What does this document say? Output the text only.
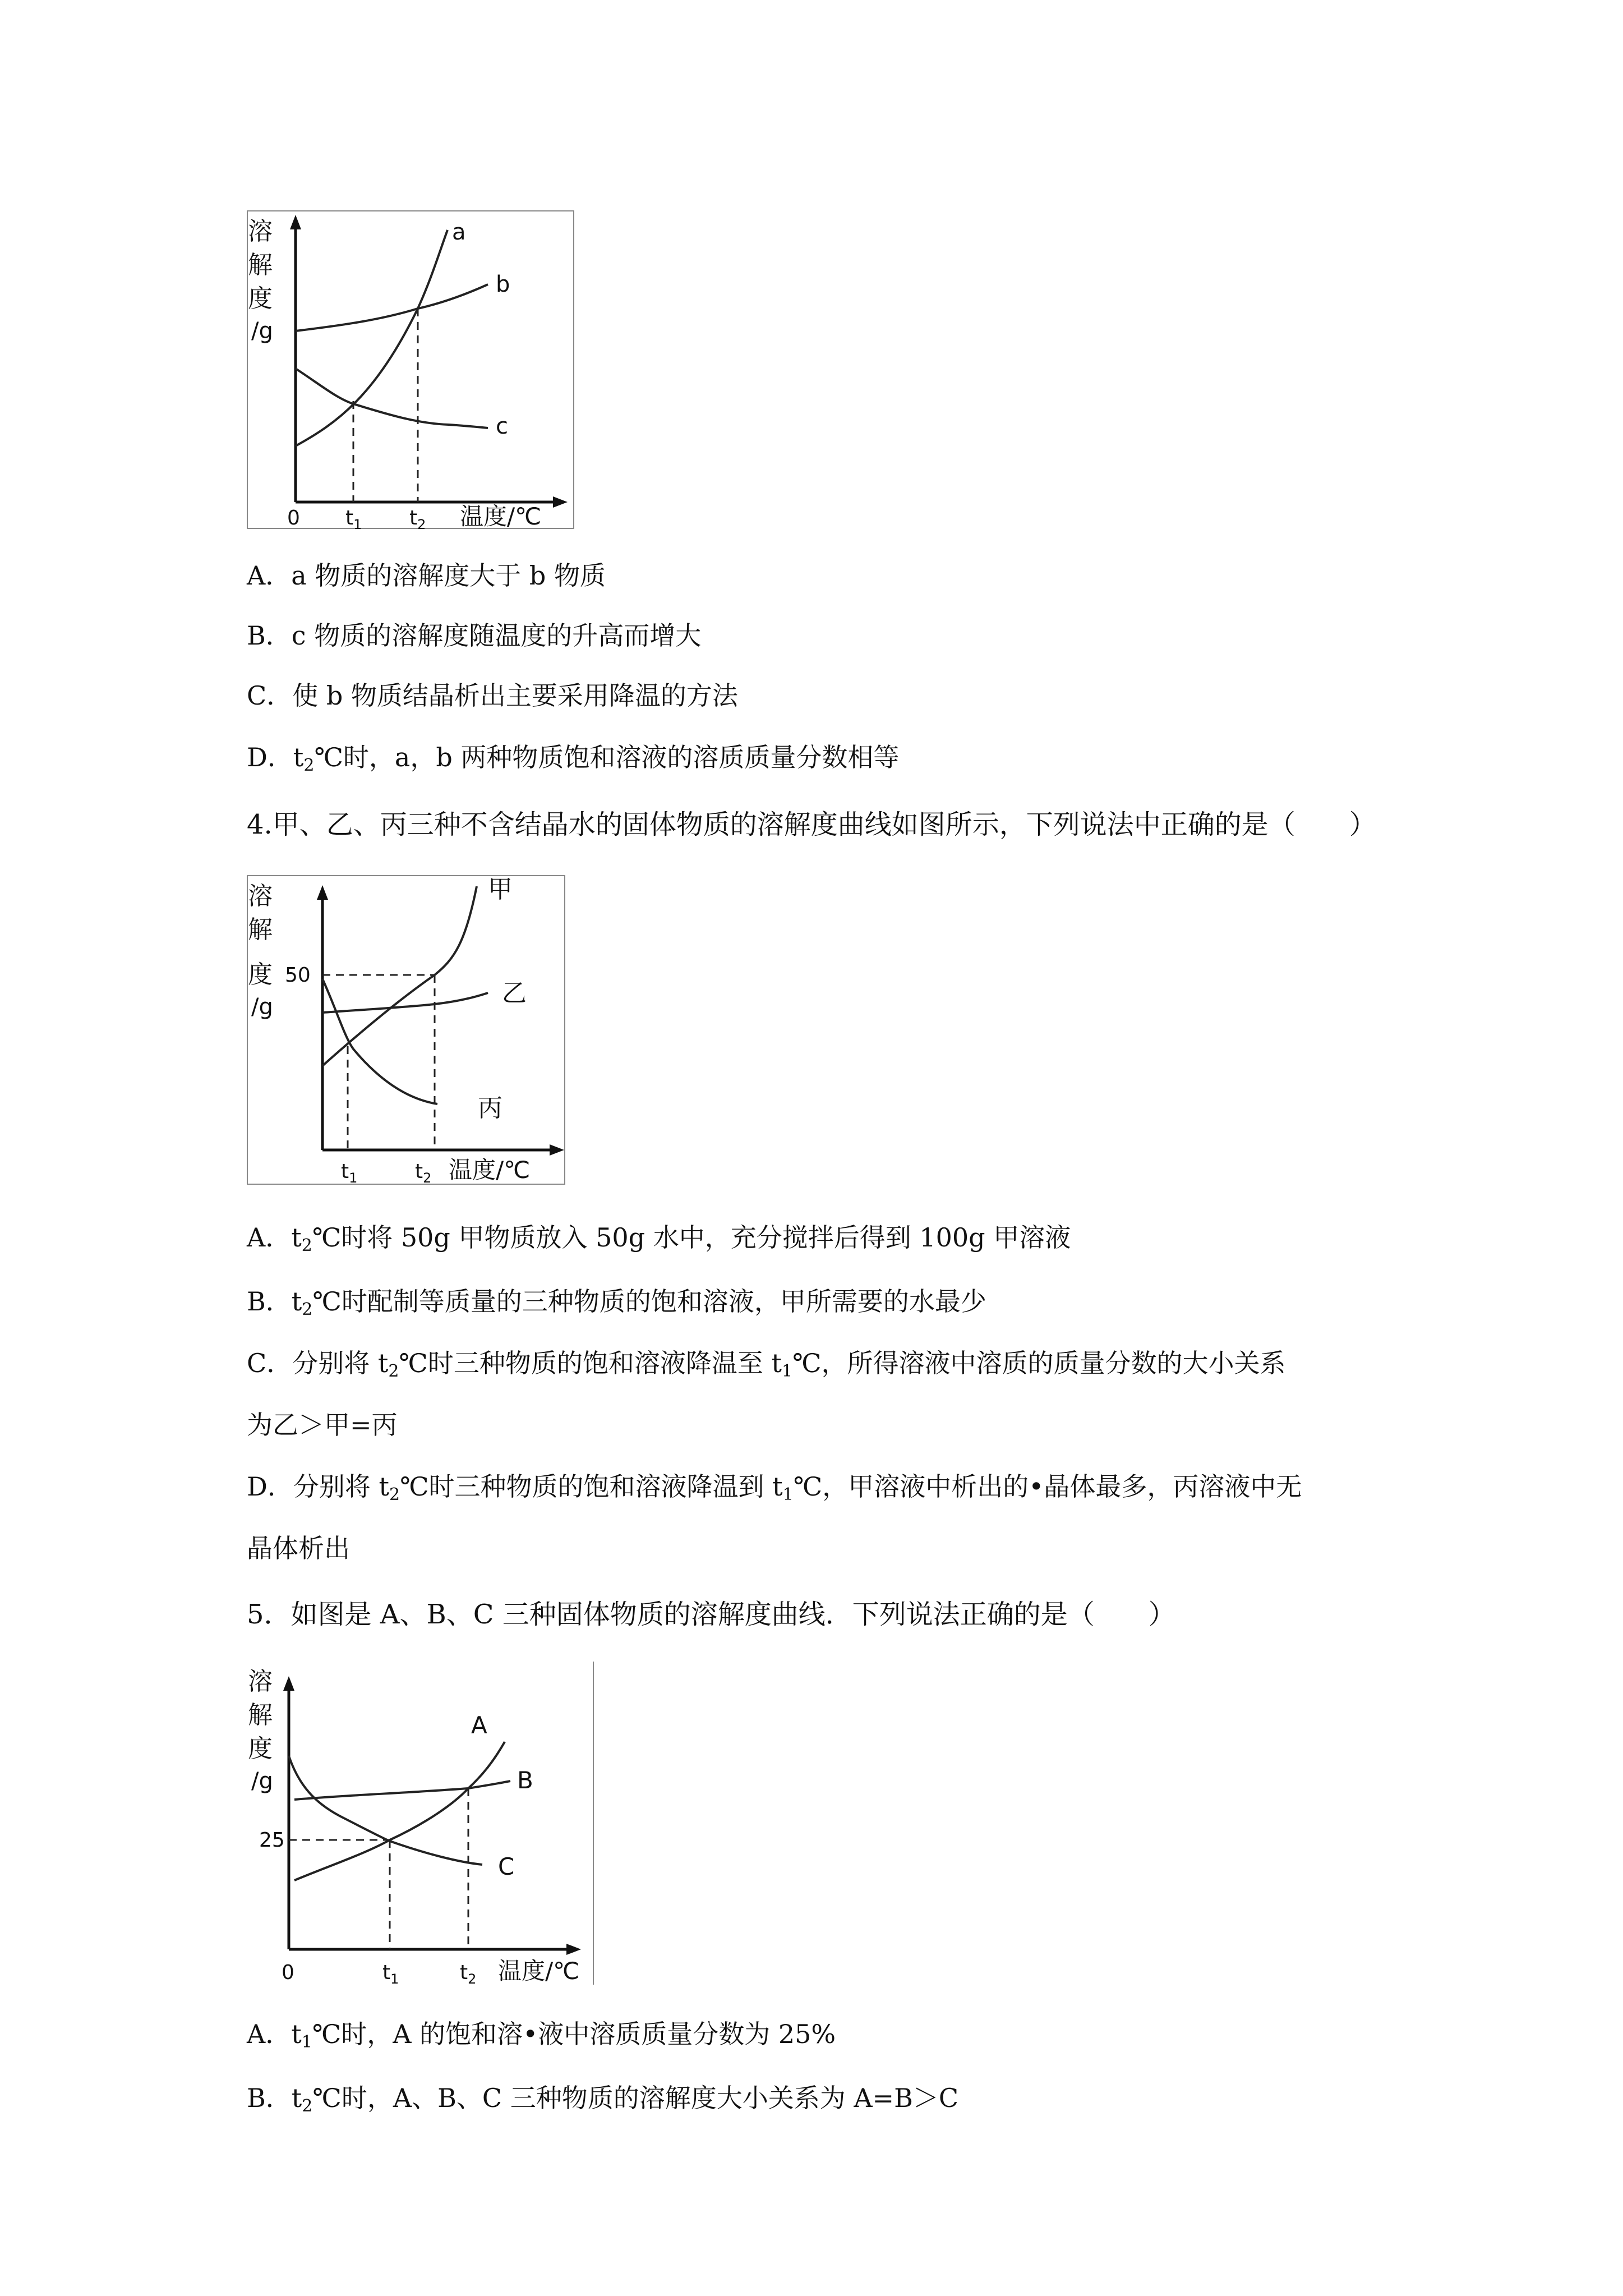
溶
解
度
/g
0 $t_1$ $t_2$ 温度/℃
a
b
c
A．a 物质的溶解度大于 b 物质
B．c 物质的溶解度随温度的升高而增大
C．使 b 物质结晶析出主要采用降温的方法
D．$t_2℃$时，a，b 两种物质饱和溶液的溶质质量分数相等
4.甲、乙、丙三种不含结晶水的固体物质的溶解度曲线如图所示，下列说法中正确的是（　　）
溶
解
度
/g
50
$t_1$	$t_2$ 温度/℃
甲
乙
丙
A．$t_2℃$时将 50g 甲物质放入 50g 水中，充分搅拌后得到 100g 甲溶液
B．$t_2℃$时配制等质量的三种物质的饱和溶液，甲所需要的水最少
C．分别将 $t_2℃$时三种物质的饱和溶液降温至 $t_1℃$，所得溶液中溶质的质量分数的大小关系
为乙＞甲=丙
D．分别将 $t_2℃$时三种物质的饱和溶液降温到 $t_1℃$，甲溶液中析出的•晶体最多，丙溶液中无
晶体析出
5．如图是 A、B、C 三种固体物质的溶解度曲线．下列说法正确的是（　　）
溶
解
度
/g
25
0	$t_1$	$t_2$ 温度/℃
A
B
C
A．$t_1℃$时，A 的饱和溶•液中溶质质量分数为 25%
B．$t_2℃$时，A、B、C 三种物质的溶解度大小关系为 A=B＞C
